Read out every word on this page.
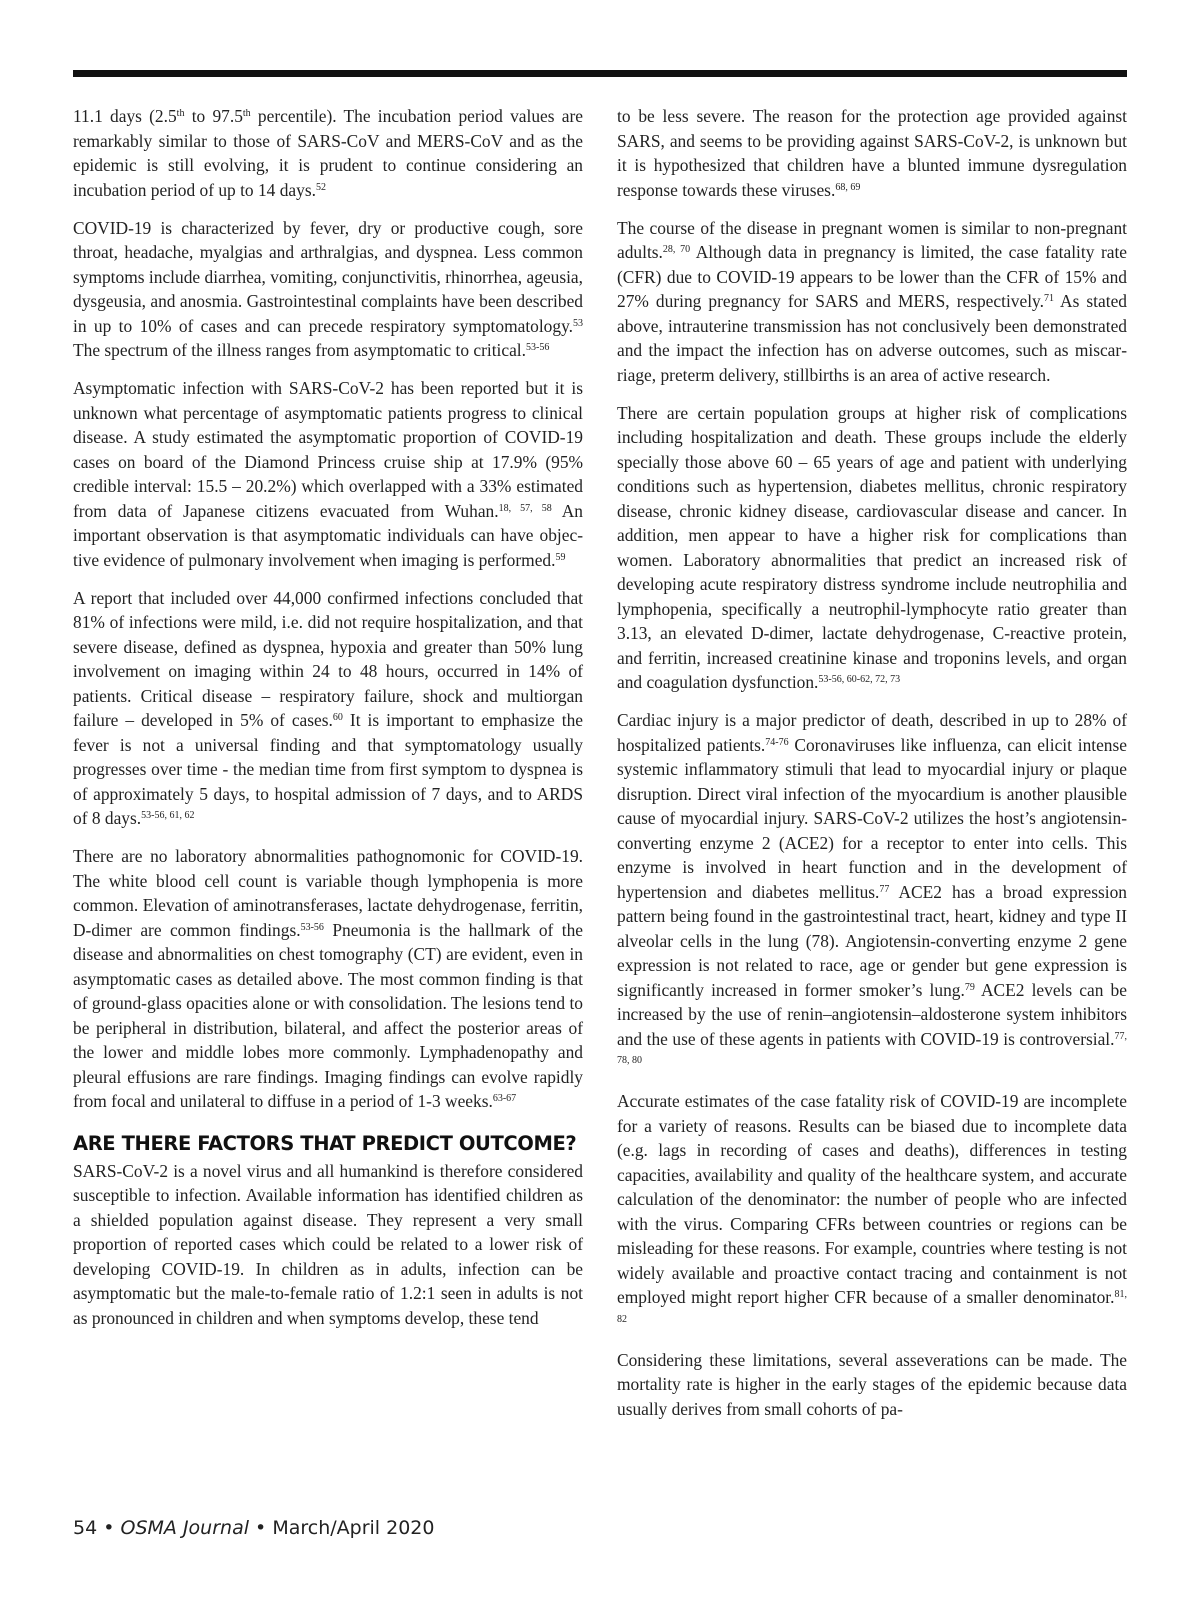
11.1 days (2.5th to 97.5th percentile). The incubation period values are remarkably similar to those of SARS-CoV and MERS-CoV and as the epidemic is still evolving, it is prudent to continue considering an incubation period of up to 14 days.$^{52}$

COVID-19 is characterized by fever, dry or productive cough, sore throat, headache, myalgias and arthralgias, and dyspnea. Less common symptoms include diarrhea, vomiting, conjunctivitis, rhinorrhea, ageusia, dysgeusia, and anosmia. Gastrointestinal complaints have been described in up to 10% of cases and can precede respiratory symptomatology.$^{53}$ The spectrum of the illness ranges from asymptomatic to critical.$^{53-56}$

Asymptomatic infection with SARS-CoV-2 has been reported but it is unknown what percentage of asymptomatic patients progress to clinical disease. A study estimated the asymptomatic proportion of COVID-19 cases on board of the Diamond Princess cruise ship at 17.9% (95% credible interval: 15.5 – 20.2%) which overlapped with a 33% estimated from data of Japanese citizens evacuated from Wuhan.$^{18, 57, 58}$ An important observation is that asymptomatic individuals can have objective evidence of pulmonary involvement when imaging is performed.$^{59}$

A report that included over 44,000 confirmed infections concluded that 81% of infections were mild, i.e. did not require hospitalization, and that severe disease, defined as dyspnea, hypoxia and greater than 50% lung involvement on imaging within 24 to 48 hours, occurred in 14% of patients. Critical disease – respiratory failure, shock and multiorgan failure – developed in 5% of cases.$^{60}$ It is important to emphasize the fever is not a universal finding and that symptomatology usually progresses over time - the median time from first symptom to dyspnea is of approximately 5 days, to hospital admission of 7 days, and to ARDS of 8 days.$^{53-56, 61, 62}$

There are no laboratory abnormalities pathognomonic for COVID-19. The white blood cell count is variable though lymphopenia is more common. Elevation of aminotransferases, lactate dehydrogenase, ferritin, D-dimer are common findings.$^{53-56}$ Pneumonia is the hallmark of the disease and abnormalities on chest tomography (CT) are evident, even in asymptomatic cases as detailed above. The most common finding is that of ground-glass opacities alone or with consolidation. The lesions tend to be peripheral in distribution, bilateral, and affect the posterior areas of the lower and middle lobes more commonly. Lymphadenopathy and pleural effusions are rare findings. Imaging findings can evolve rapidly from focal and unilateral to diffuse in a period of 1-3 weeks.$^{63-67}$

ARE THERE FACTORS THAT PREDICT OUTCOME?

SARS-CoV-2 is a novel virus and all humankind is therefore considered susceptible to infection. Available information has identified children as a shielded population against disease. They represent a very small proportion of reported cases which could be related to a lower risk of developing COVID-19. In children as in adults, infection can be asymptomatic but the male-to-female ratio of 1.2:1 seen in adults is not as pronounced in children and when symptoms develop, these tend

to be less severe. The reason for the protection age provided against SARS, and seems to be providing against SARS-CoV-2, is unknown but it is hypothesized that children have a blunted immune dysregulation response towards these viruses.$^{68, 69}$

The course of the disease in pregnant women is similar to non-pregnant adults.$^{28, 70}$ Although data in pregnancy is limited, the case fatality rate (CFR) due to COVID-19 appears to be lower than the CFR of 15% and 27% during pregnancy for SARS and MERS, respectively.$^{71}$ As stated above, intrauterine transmission has not conclusively been demonstrated and the impact the infection has on adverse outcomes, such as miscarriage, preterm delivery, stillbirths is an area of active research.

There are certain population groups at higher risk of complications including hospitalization and death. These groups include the elderly specially those above 60 – 65 years of age and patient with underlying conditions such as hypertension, diabetes mellitus, chronic respiratory disease, chronic kidney disease, cardiovascular disease and cancer. In addition, men appear to have a higher risk for complications than women. Laboratory abnormalities that predict an increased risk of developing acute respiratory distress syndrome include neutrophilia and lymphopenia, specifically a neutrophil-lymphocyte ratio greater than 3.13, an elevated D-dimer, lactate dehydrogenase, C-reactive protein, and ferritin, increased creatinine kinase and troponins levels, and organ and coagulation dysfunction.$^{53-56, 60-62, 72, 73}$

Cardiac injury is a major predictor of death, described in up to 28% of hospitalized patients.$^{74-76}$ Coronaviruses like influenza, can elicit intense systemic inflammatory stimuli that lead to myocardial injury or plaque disruption. Direct viral infection of the myocardium is another plausible cause of myocardial injury. SARS-CoV-2 utilizes the host’s angiotensin-converting enzyme 2 (ACE2) for a receptor to enter into cells. This enzyme is involved in heart function and in the development of hypertension and diabetes mellitus.$^{77}$ ACE2 has a broad expression pattern being found in the gastrointestinal tract, heart, kidney and type II alveolar cells in the lung (78). Angiotensin-converting enzyme 2 gene expression is not related to race, age or gender but gene expression is significantly increased in former smoker’s lung.$^{79}$ ACE2 levels can be increased by the use of renin–angiotensin–aldosterone system inhibitors and the use of these agents in patients with COVID-19 is controversial.$^{77, 78, 80}$

Accurate estimates of the case fatality risk of COVID-19 are incomplete for a variety of reasons. Results can be biased due to incomplete data (e.g. lags in recording of cases and deaths), differences in testing capacities, availability and quality of the healthcare system, and accurate calculation of the denominator: the number of people who are infected with the virus. Comparing CFRs between countries or regions can be misleading for these reasons. For example, countries where testing is not widely available and proactive contact tracing and containment is not employed might report higher CFR because of a smaller denominator.$^{81, 82}$

Considering these limitations, several asseverations can be made. The mortality rate is higher in the early stages of the epidemic because data usually derives from small cohorts of pa-

54 • OSMA Journal • March/April 2020
